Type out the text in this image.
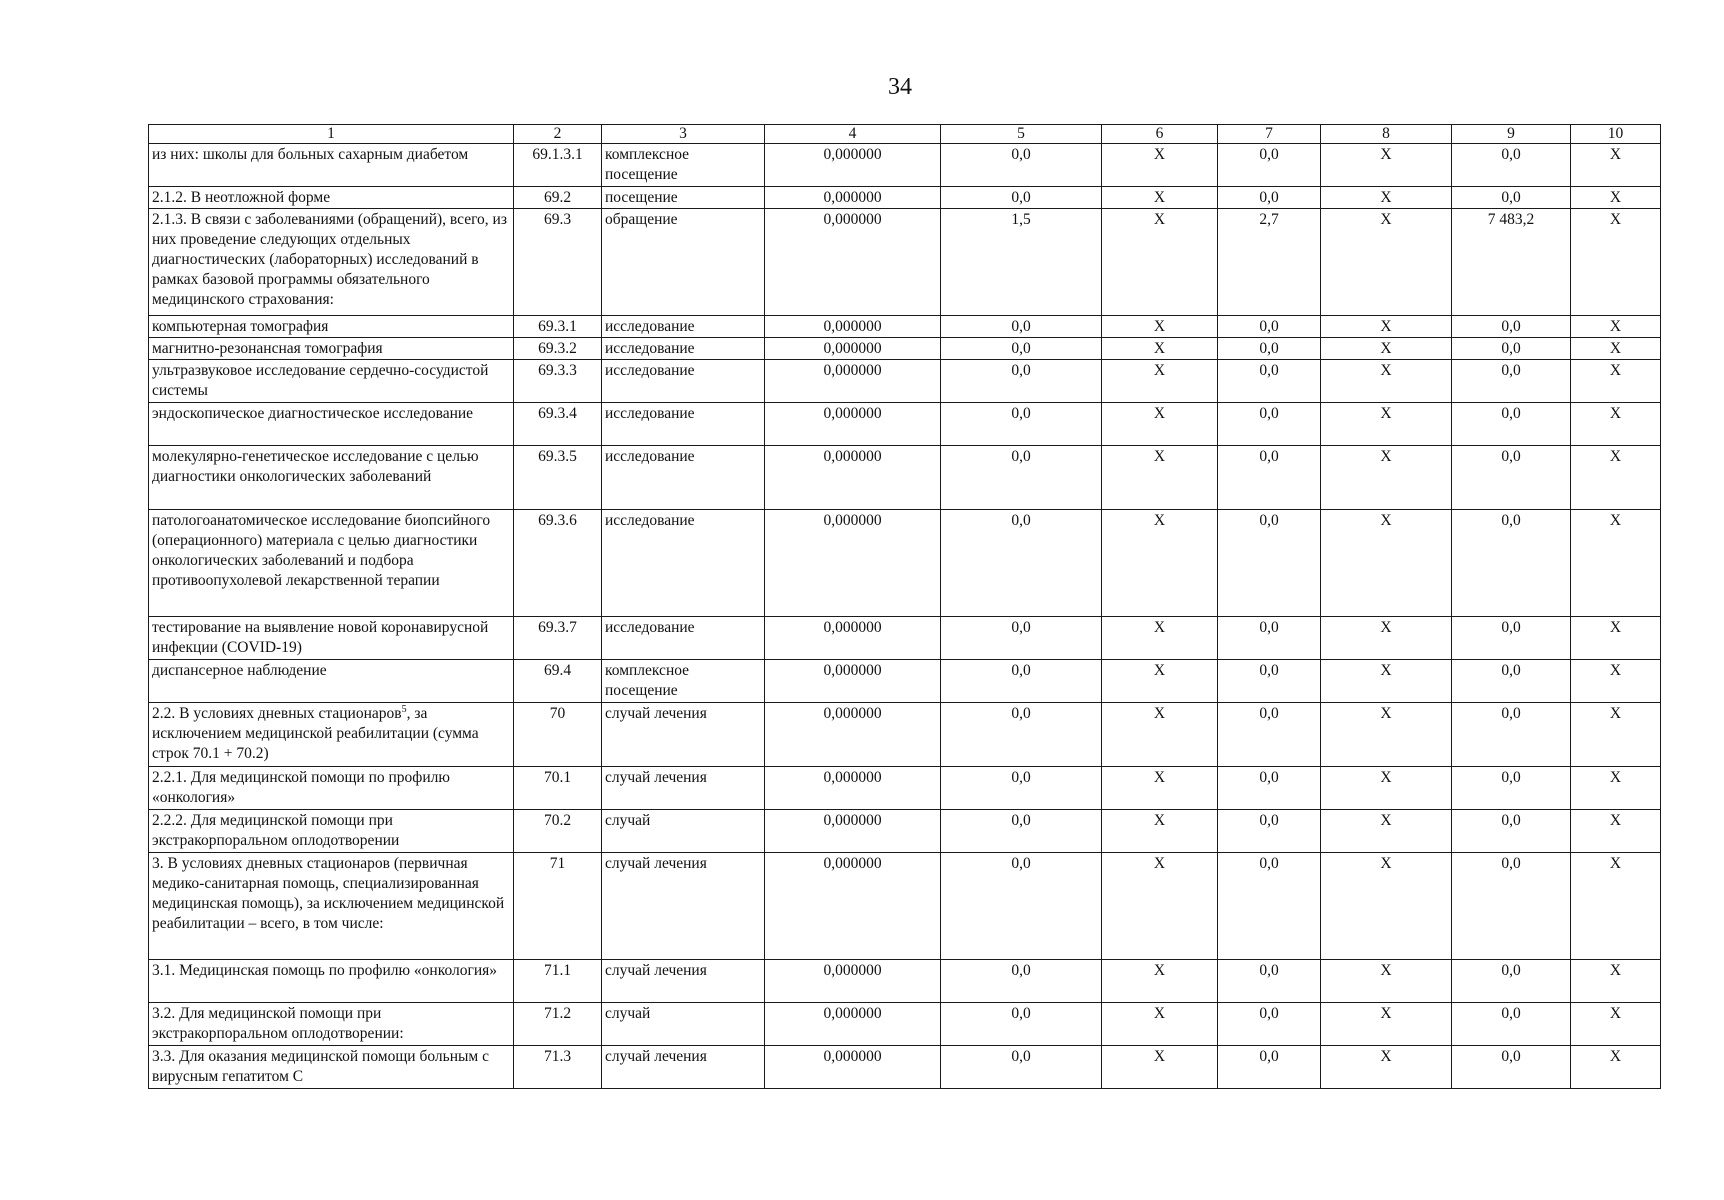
34
1	2	3	4	5	6	7	8	9	10
из них: школы для больных сахарным диабетом	69.1.3.1	комплексное посещение	0,000000	0,0	X	0,0	X	0,0	X
2.1.2. В неотложной форме	69.2	посещение	0,000000	0,0	X	0,0	X	0,0	X
2.1.3. В связи с заболеваниями (обращений), всего, из них проведение следующих отдельных диагностических (лабораторных) исследований в рамках базовой программы обязательного медицинского страхования:	69.3	обращение	0,000000	1,5	X	2,7	X	7 483,2	X
компьютерная томография	69.3.1	исследование	0,000000	0,0	X	0,0	X	0,0	X
магнитно-резонансная томография	69.3.2	исследование	0,000000	0,0	X	0,0	X	0,0	X
ультразвуковое исследование сердечно-сосудистой системы	69.3.3	исследование	0,000000	0,0	X	0,0	X	0,0	X
эндоскопическое диагностическое исследование	69.3.4	исследование	0,000000	0,0	X	0,0	X	0,0	X
молекулярно-генетическое исследование с целью диагностики онкологических заболеваний	69.3.5	исследование	0,000000	0,0	X	0,0	X	0,0	X
патологоанатомическое исследование биопсийного (операционного) материала с целью диагностики онкологических заболеваний и подбора противоопухолевой лекарственной терапии	69.3.6	исследование	0,000000	0,0	X	0,0	X	0,0	X
тестирование на выявление новой коронавирусной инфекции (COVID-19)	69.3.7	исследование	0,000000	0,0	X	0,0	X	0,0	X
диспансерное наблюдение	69.4	комплексное посещение	0,000000	0,0	X	0,0	X	0,0	X
2.2. В условиях дневных стационаров$^5$, за исключением медицинской реабилитации (сумма строк 70.1 + 70.2)	70	случай лечения	0,000000	0,0	X	0,0	X	0,0	X
2.2.1. Для медицинской помощи по профилю «онкология»	70.1	случай лечения	0,000000	0,0	X	0,0	X	0,0	X
2.2.2. Для медицинской помощи при экстракорпоральном оплодотворении	70.2	случай	0,000000	0,0	X	0,0	X	0,0	X
3. В условиях дневных стационаров (первичная медико-санитарная помощь, специализированная медицинская помощь), за исключением медицинской реабилитации – всего, в том числе:	71	случай лечения	0,000000	0,0	X	0,0	X	0,0	X
3.1. Медицинская помощь по профилю «онкология»	71.1	случай лечения	0,000000	0,0	X	0,0	X	0,0	X
3.2. Для медицинской помощи при экстракорпоральном оплодотворении:	71.2	случай	0,000000	0,0	X	0,0	X	0,0	X
3.3. Для оказания медицинской помощи больным с вирусным гепатитом С	71.3	случай лечения	0,000000	0,0	X	0,0	X	0,0	X
